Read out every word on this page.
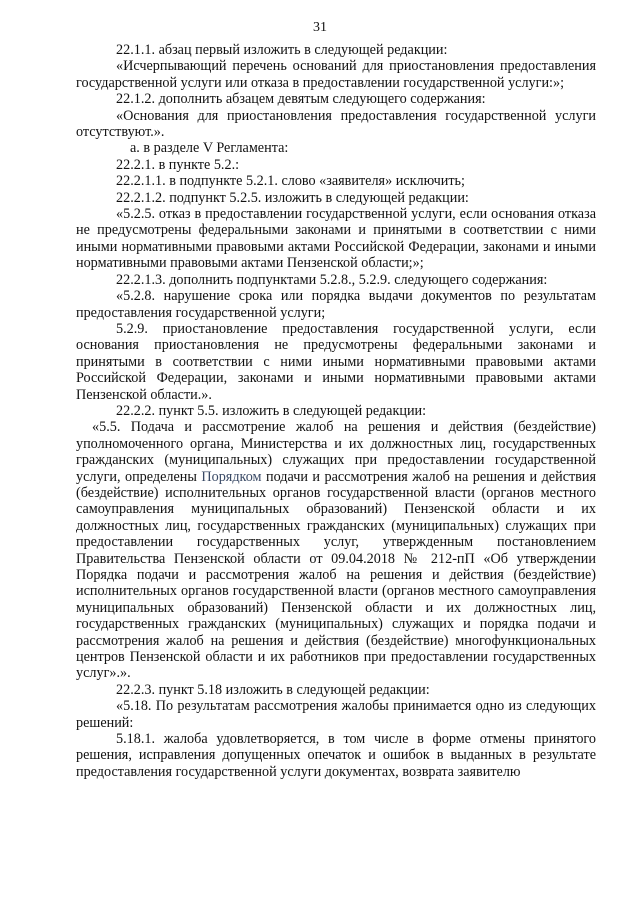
31

22.1.1. абзац первый изложить в следующей редакции:

«Исчерпывающий перечень оснований для приостановления предоставления государственной услуги или отказа в предоставлении государственной услуги:»;

22.1.2. дополнить абзацем девятым следующего содержания:

«Основания для приостановления предоставления государственной услуги отсутствуют.».

а. в разделе V Регламента:

22.2.1. в пункте 5.2.:

22.2.1.1. в подпункте 5.2.1. слово «заявителя» исключить;

22.2.1.2. подпункт 5.2.5. изложить в следующей редакции:

«5.2.5. отказ в предоставлении государственной услуги, если основания отказа не предусмотрены федеральными законами и принятыми в соответствии с ними иными нормативными правовыми актами Российской Федерации, законами и иными нормативными правовыми актами Пензенской области;»;

22.2.1.3. дополнить подпунктами 5.2.8., 5.2.9. следующего содержания:

«5.2.8. нарушение срока или порядка выдачи документов по результатам предоставления государственной услуги;

5.2.9. приостановление предоставления государственной услуги, если основания приостановления не предусмотрены федеральными законами и принятыми в соответствии с ними иными нормативными правовыми актами Российской Федерации, законами и иными нормативными правовыми актами Пензенской области.».

22.2.2. пункт 5.5. изложить в следующей редакции:

«5.5. Подача и рассмотрение жалоб на решения и действия (бездействие) уполномоченного органа, Министерства и их должностных лиц, государственных гражданских (муниципальных) служащих при предоставлении государственной услуги, определены Порядком подачи и рассмотрения жалоб на решения и действия (бездействие) исполнительных органов государственной власти (органов местного самоуправления муниципальных образований) Пензенской области и их должностных лиц, государственных гражданских (муниципальных) служащих при предоставлении государственных услуг, утвержденным постановлением Правительства Пензенской области от 09.04.2018 № 212-пП «Об утверждении Порядка подачи и рассмотрения жалоб на решения и действия (бездействие) исполнительных органов государственной власти (органов местного самоуправления муниципальных образований) Пензенской области и их должностных лиц, государственных гражданских (муниципальных) служащих и порядка подачи и рассмотрения жалоб на решения и действия (бездействие) многофункциональных центров Пензенской области и их работников при предоставлении государственных услуг».».

22.2.3. пункт 5.18 изложить в следующей редакции:

«5.18. По результатам рассмотрения жалобы принимается одно из следующих решений:

5.18.1. жалоба удовлетворяется, в том числе в форме отмены принятого решения, исправления допущенных опечаток и ошибок в выданных в результате предоставления государственной услуги документах, возврата заявителю
